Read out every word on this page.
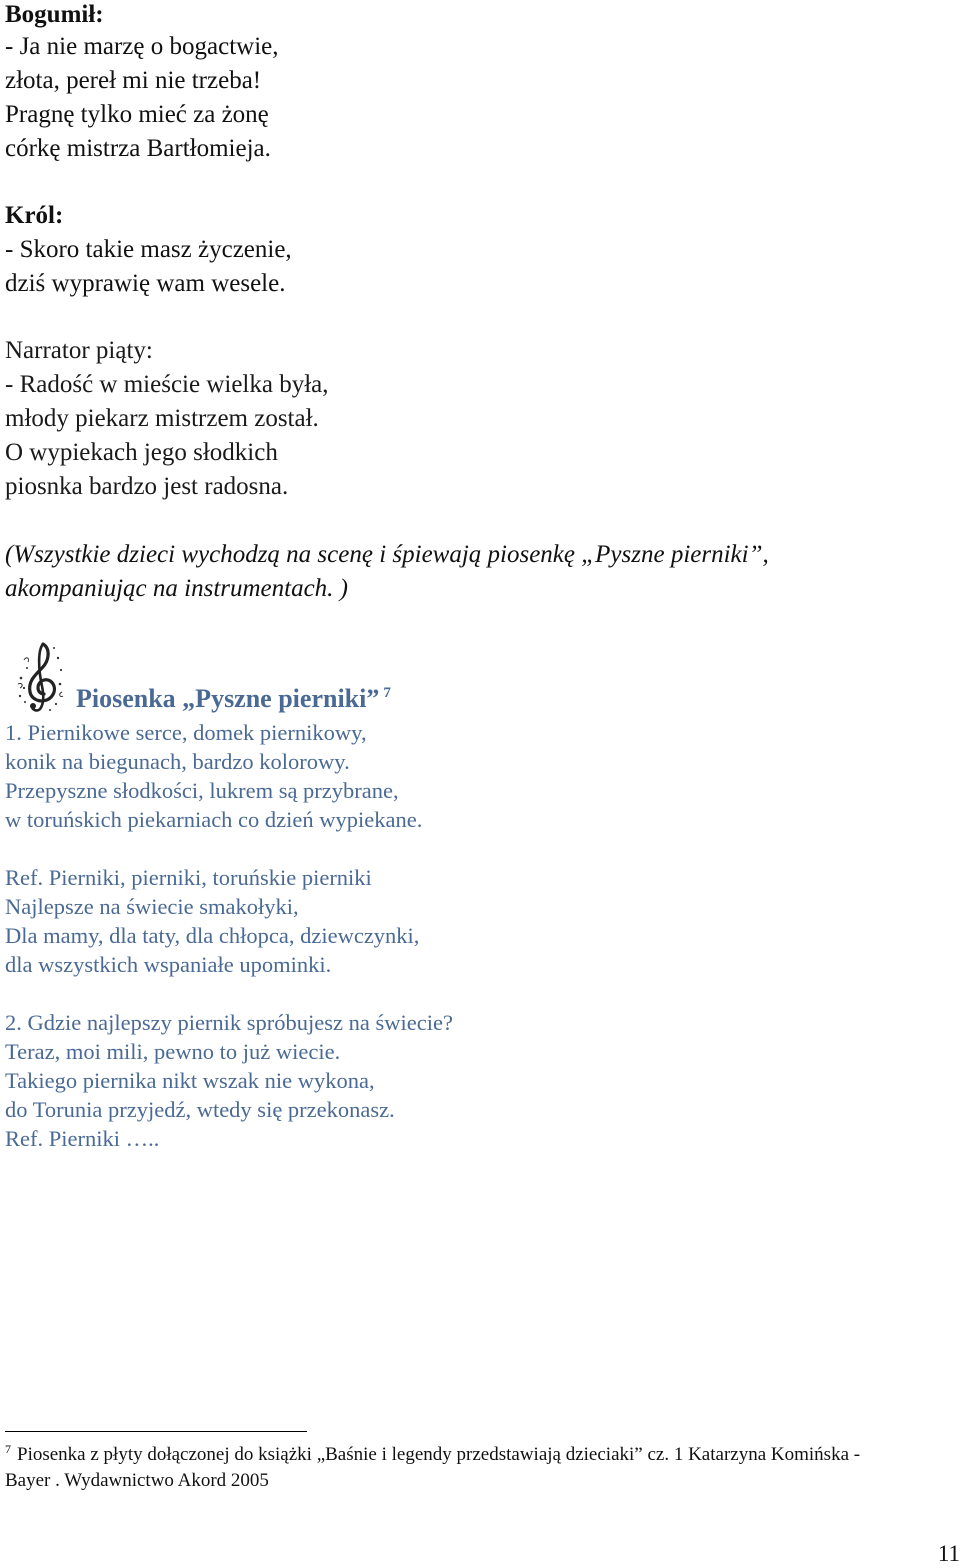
Bogumił:
- Ja nie marzę o bogactwie,
złota, pereł mi nie trzeba!
Pragnę tylko mieć za żonę
córkę mistrza Bartłomieja.
Król:
- Skoro takie masz życzenie,
dziś wyprawię wam wesele.
Narrator piąty:
- Radość w mieście wielka była,
młody piekarz mistrzem został.
O wypiekach jego słodkich
piosnka bardzo jest radosna.
(Wszystkie dzieci wychodzą na scenę i śpiewają piosenkę „Pyszne pierniki”,
akompaniując na instrumentach. )
Piosenka „Pyszne pierniki” $^7$
1. Piernikowe serce, domek piernikowy,
konik na biegunach, bardzo kolorowy.
Przepyszne słodkości, lukrem są przybrane,
w toruńskich piekarniach co dzień wypiekane.
Ref. Pierniki, pierniki, toruńskie pierniki
Najlepsze na świecie smakołyki,
Dla mamy, dla taty, dla chłopca, dziewczynki,
dla wszystkich wspaniałe upominki.
2. Gdzie najlepszy piernik spróbujesz na świecie?
Teraz, moi mili, pewno to już wiecie.
Takiego piernika nikt wszak nie wykona,
do Torunia przyjedź, wtedy się przekonasz.
Ref. Pierniki …..
$^7$ Piosenka z płyty dołączonej do książki „Baśnie i legendy przedstawiają dzieciaki” cz. 1 Katarzyna Komińska -
Bayer . Wydawnictwo Akord 2005
11
